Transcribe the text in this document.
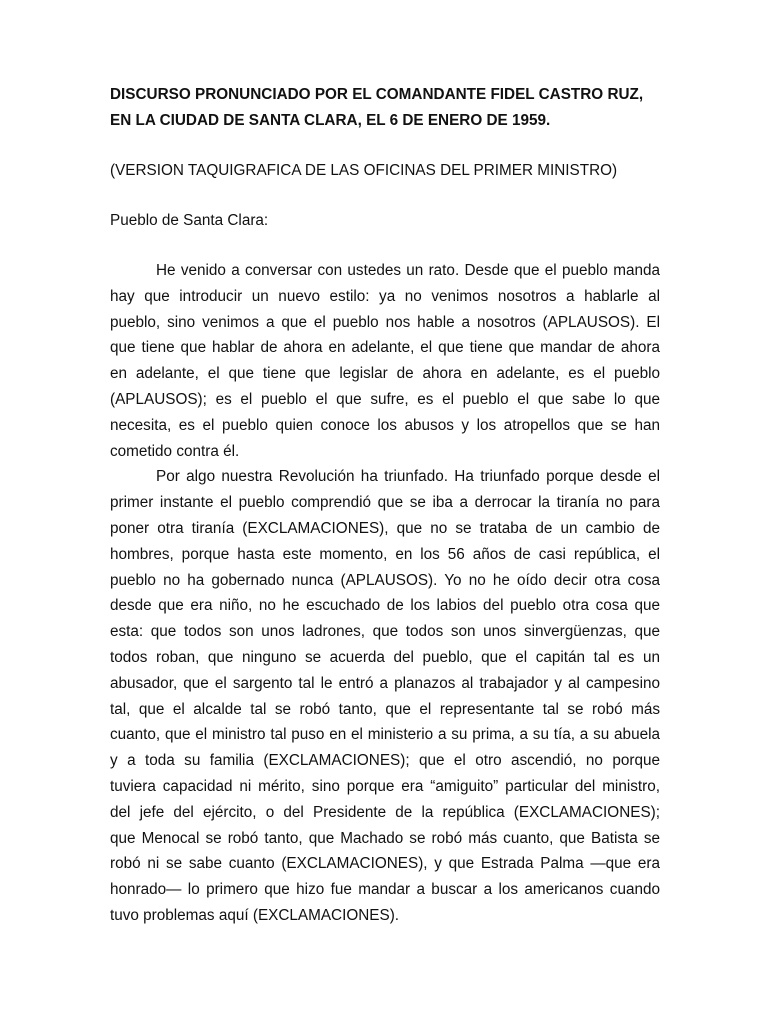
DISCURSO PRONUNCIADO POR EL COMANDANTE FIDEL CASTRO RUZ,
EN LA CIUDAD DE SANTA CLARA, EL 6 DE ENERO DE 1959.

(VERSION TAQUIGRAFICA DE LAS OFICINAS DEL PRIMER MINISTRO)

Pueblo de Santa Clara:

He venido a conversar con ustedes un rato. Desde que el pueblo manda
hay que introducir un nuevo estilo: ya no venimos nosotros a hablarle al
pueblo, sino venimos a que el pueblo nos hable a nosotros (APLAUSOS). El
que tiene que hablar de ahora en adelante, el que tiene que mandar de ahora
en adelante, el que tiene que legislar de ahora en adelante, es el pueblo
(APLAUSOS); es el pueblo el que sufre, es el pueblo el que sabe lo que
necesita, es el pueblo quien conoce los abusos y los atropellos que se han
cometido contra él.

Por algo nuestra Revolución ha triunfado. Ha triunfado porque desde el
primer instante el pueblo comprendió que se iba a derrocar la tiranía no para
poner otra tiranía (EXCLAMACIONES), que no se trataba de un cambio de
hombres, porque hasta este momento, en los 56 años de casi república, el
pueblo no ha gobernado nunca (APLAUSOS). Yo no he oído decir otra cosa
desde que era niño, no he escuchado de los labios del pueblo otra cosa que
esta: que todos son unos ladrones, que todos son unos sinvergüenzas, que
todos roban, que ninguno se acuerda del pueblo, que el capitán tal es un
abusador, que el sargento tal le entró a planazos al trabajador y al campesino
tal, que el alcalde tal se robó tanto, que el representante tal se robó más
cuanto, que el ministro tal puso en el ministerio a su prima, a su tía, a su abuela
y a toda su familia (EXCLAMACIONES); que el otro ascendió, no porque
tuviera capacidad ni mérito, sino porque era “amiguito” particular del ministro,
del jefe del ejército, o del Presidente de la república (EXCLAMACIONES);
que Menocal se robó tanto, que Machado se robó más cuanto, que Batista se
robó ni se sabe cuanto (EXCLAMACIONES), y que Estrada Palma —que era
honrado— lo primero que hizo fue mandar a buscar a los americanos cuando
tuvo problemas aquí (EXCLAMACIONES).
